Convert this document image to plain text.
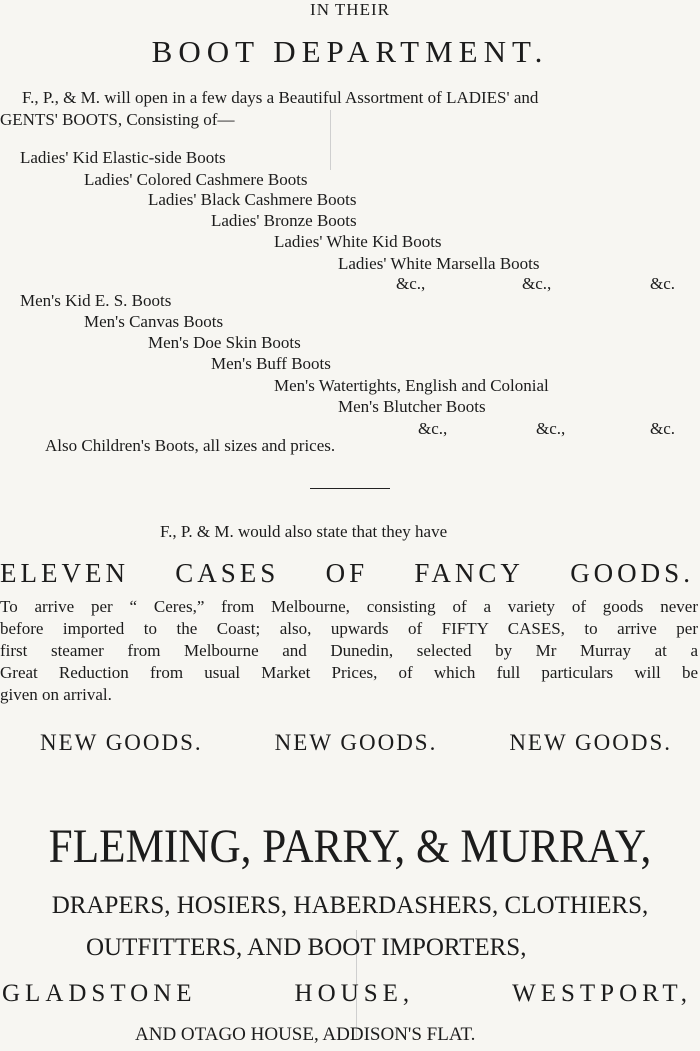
IN THEIR
BOOT DEPARTMENT.
F., P., & M. will open in a few days a Beautiful Assortment of LADIES' and
GENTS' BOOTS, Consisting of—
Ladies' Kid Elastic-side Boots
Ladies' Colored Cashmere Boots
Ladies' Black Cashmere Boots
Ladies' Bronze Boots
Ladies' White Kid Boots
Ladies' White Marsella Boots
&c.,	&c.,	&c.
Men's Kid E. S. Boots
Men's Canvas Boots
Men's Doe Skin Boots
Men's Buff Boots
Men's Watertights, English and Colonial
Men's Blutcher Boots
&c.,	&c.,	&c.
Also Children's Boots, all sizes and prices.
F., P. & M. would also state that they have
ELEVEN CASES OF FANCY GOODS.
To arrive per “ Ceres,” from Melbourne, consisting of a variety of goods never
before imported to the Coast; also, upwards of FIFTY CASES, to arrive per
first steamer from Melbourne and Dunedin, selected by Mr Murray at a
Great Reduction from usual Market Prices, of which full particulars will be
given on arrival.
NEW GOODS.	NEW GOODS.	NEW GOODS.
FLEMING, PARRY, & MURRAY,
DRAPERS, HOSIERS, HABERDASHERS, CLOTHIERS,
OUTFITTERS, AND BOOT IMPORTERS,
GLADSTONE	HOUSE,	WESTPORT,
AND OTAGO HOUSE, ADDISON'S FLAT.
